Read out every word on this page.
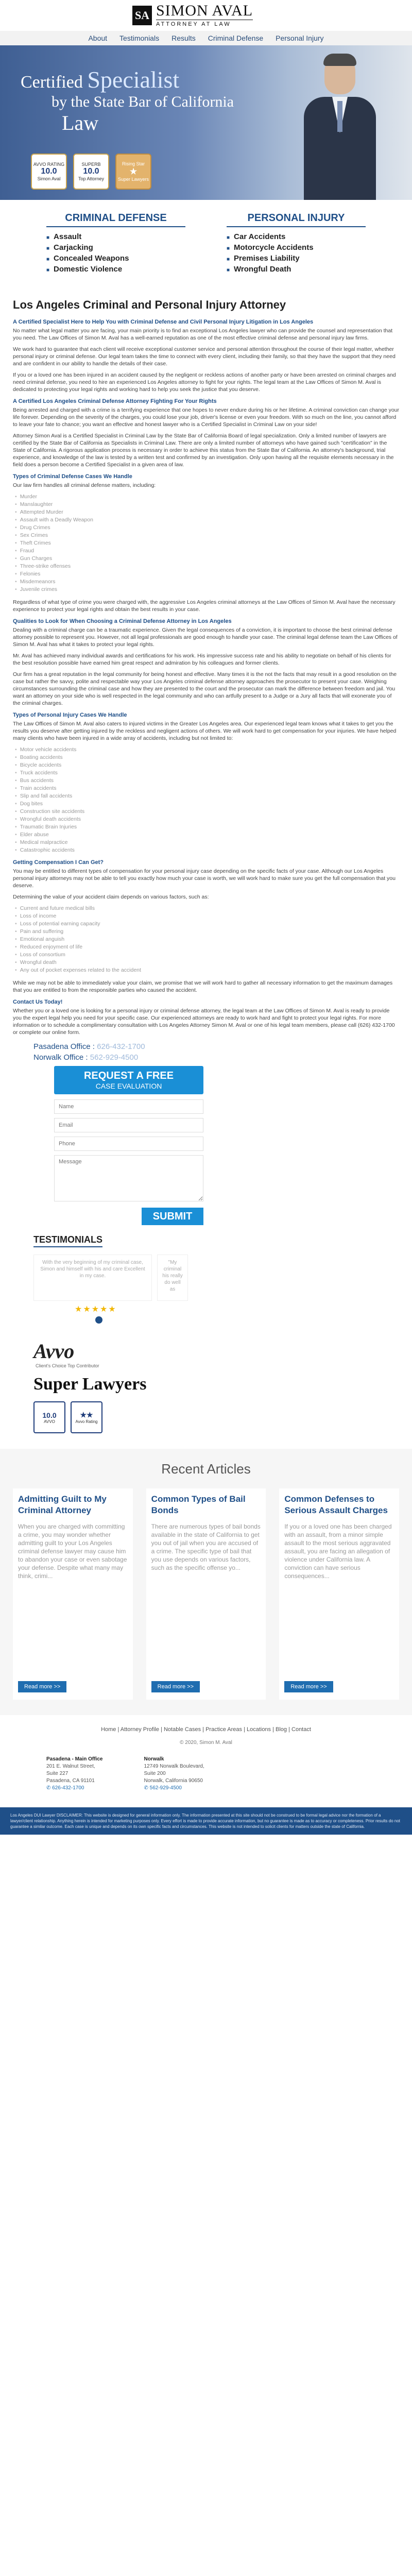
SA SIMON AVAL
ATTORNEY AT LAW
About Testimonials Results Criminal Defense Personal Injury
Certified Specialist
by the State Bar of California
Law
AVVO RATING
10.0
Simon Aval
SUPERB
10.0
Top Attorney
Rising Star
★
Super Lawyers
CRIMINAL DEFENSE
■ Assault
■ Carjacking
■ Concealed Weapons
■ Domestic Violence
PERSONAL INJURY
■ Car Accidents
■ Motorcycle Accidents
■ Premises Liability
■ Wrongful Death
Los Angeles Criminal and Personal Injury Attorney
A Certified Specialist Here to Help You with Criminal Defense and Civil Personal Injury Litigation in Los Angeles

No matter what legal matter you are facing, your main priority is to find an exceptional Los Angeles lawyer who can provide the counsel and representation that you need. The Law Offices of Simon M. Aval has a well-earned reputation as one of the most effective criminal defense and personal injury law firms.

We work hard to guarantee that each client will receive exceptional customer service and personal attention throughout the course of their legal matter, whether personal injury or criminal defense. Our legal team takes the time to connect with every client, including their family, so that they have the support that they need and are confident in our ability to handle the details of their case.

If you or a loved one has been injured in an accident caused by the negligent or reckless actions of another party or have been arrested on criminal charges and need criminal defense, you need to hire an experienced Los Angeles attorney to fight for your rights. The legal team at the Law Offices of Simon M. Aval is dedicated to protecting your legal rights and working hard to help you seek the justice that you deserve.

A Certified Los Angeles Criminal Defense Attorney Fighting For Your Rights

Being arrested and charged with a crime is a terrifying experience that one hopes to never endure during his or her lifetime. A criminal conviction can change your life forever. Depending on the severity of the charges, you could lose your job, driver's license or even your freedom. With so much on the line, you cannot afford to leave your fate to chance; you want an effective and honest lawyer who is a Certified Specialist in Criminal Law on your side!

Attorney Simon Aval is a Certified Specialist in Criminal Law by the State Bar of California Board of legal specialization. Only a limited number of lawyers are certified by the State Bar of California as Specialists in Criminal Law. There are only a limited number of attorneys who have gained such "certification" in the State of California. A rigorous application process is necessary in order to achieve this status from the State Bar of California. An attorney's background, trial experience, and knowledge of the law is tested by a written test and confirmed by an investigation. Only upon having all the requisite elements necessary in the field does a person become a Certified Specialist in a given area of law.

Types of Criminal Defense Cases We Handle

Our law firm handles all criminal defense matters, including:

• Murder
• Manslaughter
• Attempted Murder
• Assault with a Deadly Weapon
• Drug Crimes
• Sex Crimes
• Theft Crimes
• Fraud
• Gun Charges
• Three-strike offenses
• Felonies
• Misdemeanors
• Juvenile crimes

Regardless of what type of crime you were charged with, the aggressive Los Angeles criminal attorneys at the Law Offices of Simon M. Aval have the necessary experience to protect your legal rights and obtain the best results in your case.

Qualities to Look for When Choosing a Criminal Defense Attorney in Los Angeles

Dealing with a criminal charge can be a traumatic experience. Given the legal consequences of a conviction, it is important to choose the best criminal defense attorney possible to represent you. However, not all legal professionals are good enough to handle your case. The criminal legal defense team the Law Offices of Simon M. Aval has what it takes to protect your legal rights.

Mr. Aval has achieved many individual awards and certifications for his work. His impressive success rate and his ability to negotiate on behalf of his clients for the best resolution possible have earned him great respect and admiration by his colleagues and former clients.

Our firm has a great reputation in the legal community for being honest and effective. Many times it is the not the facts that may result in a good resolution on the case but rather the savvy, polite and respectable way your Los Angeles criminal defense attorney approaches the prosecutor to present your case. Weighing circumstances surrounding the criminal case and how they are presented to the court and the prosecutor can mark the difference between freedom and jail. You want an attorney on your side who is well respected in the legal community and who can artfully present to a Judge or a Jury all facts that will exonerate you of the criminal charges.

Types of Personal Injury Cases We Handle

The Law Offices of Simon M. Aval also caters to injured victims in the Greater Los Angeles area. Our experienced legal team knows what it takes to get you the results you deserve after getting injured by the reckless and negligent actions of others. We will work hard to get compensation for your injuries. We have helped many clients who have been injured in a wide array of accidents, including but not limited to:

• Motor vehicle accidents
• Boating accidents
• Bicycle accidents
• Truck accidents
• Bus accidents
• Train accidents
• Slip and fall accidents
• Dog bites
• Construction site accidents
• Wrongful death accidents
• Traumatic Brain Injuries
• Elder abuse
• Medical malpractice
• Catastrophic accidents
Getting Compensation I Can Get?

You may be entitled to different types of compensation for your personal injury case depending on the specific facts of your case. Although our Los Angeles personal injury attorneys may not be able to tell you exactly how much your case is worth, we will work hard to make sure you get the full compensation that you deserve.

Determining the value of your accident claim depends on various factors, such as:

• Current and future medical bills
• Loss of income
• Loss of potential earning capacity
• Pain and suffering
• Emotional anguish
• Reduced enjoyment of life
• Loss of consortium
• Wrongful death
• Any out of pocket expenses related to the accident

While we may not be able to immediately value your claim, we promise that we will work hard to gather all necessary information to get the maximum damages that you are entitled to from the responsible parties who caused the accident.

Contact Us Today!

Whether you or a loved one is looking for a personal injury or criminal defense attorney, the legal team at the Law Offices of Simon M. Aval is ready to provide you the expert legal help you need for your specific case. Our experienced attorneys are ready to work hard and fight to protect your legal rights. For more information or to schedule a complimentary consultation with Los Angeles Attorney Simon M. Aval or one of his legal team members, please call (626) 432-1700 or complete our online form.

Pasadena Office : 626-432-1700
Norwalk Office : 562-929-4500
REQUEST A FREE
CASE EVALUATION
Name
Email
Phone
Message
SUBMIT
TESTIMONIALS
With the very beginning of my criminal case, Simon and himself with his and care Excellent in my case.
"My criminal his really do well as
★★★★★
Avvo
Client's Choice Top Contributor
Super Lawyers
10.0
AVVO
★★
Avvo Rating
Recent Articles
Admitting Guilt to My Criminal Attorney

When you are charged with committing a crime, you may wonder whether admitting guilt to your Los Angeles criminal defense lawyer may cause him to abandon your case or even sabotage your defense. Despite what many may think, crimi...

Read more >>
Common Types of Bail Bonds

There are numerous types of bail bonds available in the state of California to get you out of jail when you are accused of a crime. The specific type of bail that you use depends on various factors, such as the specific offense yo...

Read more >>
Common Defenses to Serious Assault Charges

If you or a loved one has been charged with an assault, from a minor simple assault to the most serious aggravated assault, you are facing an allegation of violence under California law. A conviction can have serious consequences...

Read more >>
Home | Attorney Profile | Notable Cases | Practice Areas | Locations | Blog | Contact
© 2020, Simon M. Aval
Pasadena - Main Office
201 E. Walnut Street,
Suite 227
Pasadena, CA 91101
✆ 626-432-1700
Norwalk
12749 Norwalk Boulevard,
Suite 200
Norwalk, California 90650
✆ 562-929-4500
Los Angeles DUI Lawyer DISCLAIMER: This website is designed for general information only. The information presented at this site should not be construed to be formal legal advice nor the formation of a lawyer/client relationship. Anything herein is intended for marketing purposes only. Every effort is made to provide accurate information, but no guarantee is made as to accuracy or completeness. Prior results do not guarantee a similar outcome. Each case is unique and depends on its own specific facts and circumstances. This website is not intended to solicit clients for matters outside the state of California.
